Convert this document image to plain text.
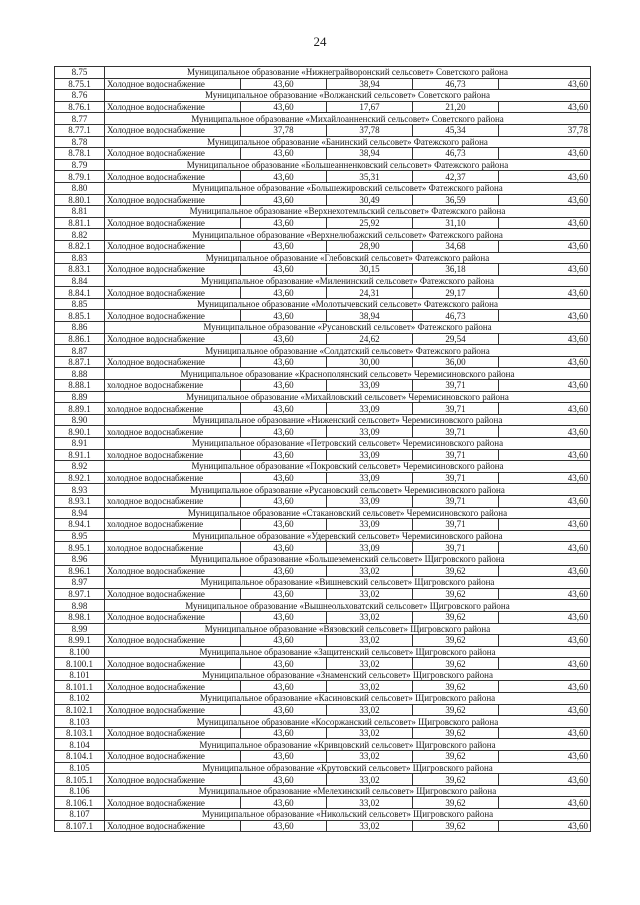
24
8.75	Муниципальное образование «Нижнеграйворонский сельсовет» Советского района				
8.75.1	Холодное водоснабжение	43,60	38,94	46,73	43,60
8.76	Муниципальное образование «Волжанский сельсовет» Советского района				
8.76.1	Холодное водоснабжение	43,60	17,67	21,20	43,60
8.77	Муниципальное образование «Михайлоанненский сельсовет» Советского района				
8.77.1	Холодное водоснабжение	37,78	37,78	45,34	37,78
8.78	Муниципальное образование «Банинский сельсовет» Фатежского района				
8.78.1	Холодное водоснабжение	43,60	38,94	46,73	43,60
8.79	Муниципальное образование «Большеанненковский сельсовет» Фатежского района				
8.79.1	Холодное водоснабжение	43,60	35,31	42,37	43,60
8.80	Муниципальное образование «Большежировский сельсовет» Фатежского района				
8.80.1	Холодное водоснабжение	43,60	30,49	36,59	43,60
8.81	Муниципальное образование «Верхнехотемльский сельсовет» Фатежского района				
8.81.1	Холодное водоснабжение	43,60	25,92	31,10	43,60
8.82	Муниципальное образование «Верхнелюбажский сельсовет» Фатежского района				
8.82.1	Холодное водоснабжение	43,60	28,90	34,68	43,60
8.83	Муниципальное образование «Глебовский сельсовет» Фатежского района				
8.83.1	Холодное водоснабжение	43,60	30,15	36,18	43,60
8.84	Муниципальное образование «Миленинский сельсовет» Фатежского района				
8.84.1	Холодное водоснабжение	43,60	24,31	29,17	43,60
8.85	Муниципальное образование «Молотычевский сельсовет» Фатежского района				
8.85.1	Холодное водоснабжение	43,60	38,94	46,73	43,60
8.86	Муниципальное образование «Русановский сельсовет» Фатежского района				
8.86.1	Холодное водоснабжение	43,60	24,62	29,54	43,60
8.87	Муниципальное образование «Солдатский сельсовет» Фатежского района				
8.87.1	Холодное водоснабжение	43,60	30,00	36,00	43,60
8.88	Муниципальное образование «Краснополянский сельсовет» Черемисиновского района				
8.88.1	холодное водоснабжение	43,60	33,09	39,71	43,60
8.89	Муниципальное образование «Михайловский сельсовет» Черемисиновского района				
8.89.1	холодное водоснабжение	43,60	33,09	39,71	43,60
8.90	Муниципальное образование «Ниженский сельсовет» Черемисиновского района				
8.90.1	холодное водоснабжение	43,60	33,09	39,71	43,60
8.91	Муниципальное образование «Петровский сельсовет» Черемисиновского района				
8.91.1	холодное водоснабжение	43,60	33,09	39,71	43,60
8.92	Муниципальное образование «Покровский сельсовет» Черемисиновского района				
8.92.1	холодное водоснабжение	43,60	33,09	39,71	43,60
8.93	Муниципальное образование «Русановский сельсовет» Черемисиновского района				
8.93.1	холодное водоснабжение	43,60	33,09	39,71	43,60
8.94	Муниципальное образование «Стакановский сельсовет» Черемисиновского района				
8.94.1	холодное водоснабжение	43,60	33,09	39,71	43,60
8.95	Муниципальное образование «Удеревский сельсовет» Черемисиновского района				
8.95.1	холодное водоснабжение	43,60	33,09	39,71	43,60
8.96	Муниципальное образование «Большеземенский сельсовет» Щигровского района				
8.96.1	Холодное водоснабжение	43,60	33,02	39,62	43,60
8.97	Муниципальное образование «Вишневский сельсовет» Щигровского района				
8.97.1	Холодное водоснабжение	43,60	33,02	39,62	43,60
8.98	Муниципальное образование «Вышнеольховатский сельсовет» Щигровского района				
8.98.1	Холодное водоснабжение	43,60	33,02	39,62	43,60
8.99	Муниципальное образование «Вязовский сельсовет» Щигровского района				
8.99.1	Холодное водоснабжение	43,60	33,02	39,62	43,60
8.100	Муниципальное образование «Защитенский сельсовет» Щигровского района				
8.100.1	Холодное водоснабжение	43,60	33,02	39,62	43,60
8.101	Муниципальное образование «Знаменский сельсовет» Щигровского района				
8.101.1	Холодное водоснабжение	43,60	33,02	39,62	43,60
8.102	Муниципальное образование «Касиновский сельсовет» Щигровского района				
8.102.1	Холодное водоснабжение	43,60	33,02	39,62	43,60
8.103	Муниципальное образование «Косоржанский сельсовет» Щигровского района				
8.103.1	Холодное водоснабжение	43,60	33,02	39,62	43,60
8.104	Муниципальное образование «Кривцовский сельсовет» Щигровского района				
8.104.1	Холодное водоснабжение	43,60	33,02	39,62	43,60
8.105	Муниципальное образование «Крутовский сельсовет» Щигровского района				
8.105.1	Холодное водоснабжение	43,60	33,02	39,62	43,60
8.106	Муниципальное образование «Мелехинский сельсовет» Щигровского района				
8.106.1	Холодное водоснабжение	43,60	33,02	39,62	43,60
8.107	Муниципальное образование «Никольский сельсовет» Щигровского района				
8.107.1	Холодное водоснабжение	43,60	33,02	39,62	43,60
